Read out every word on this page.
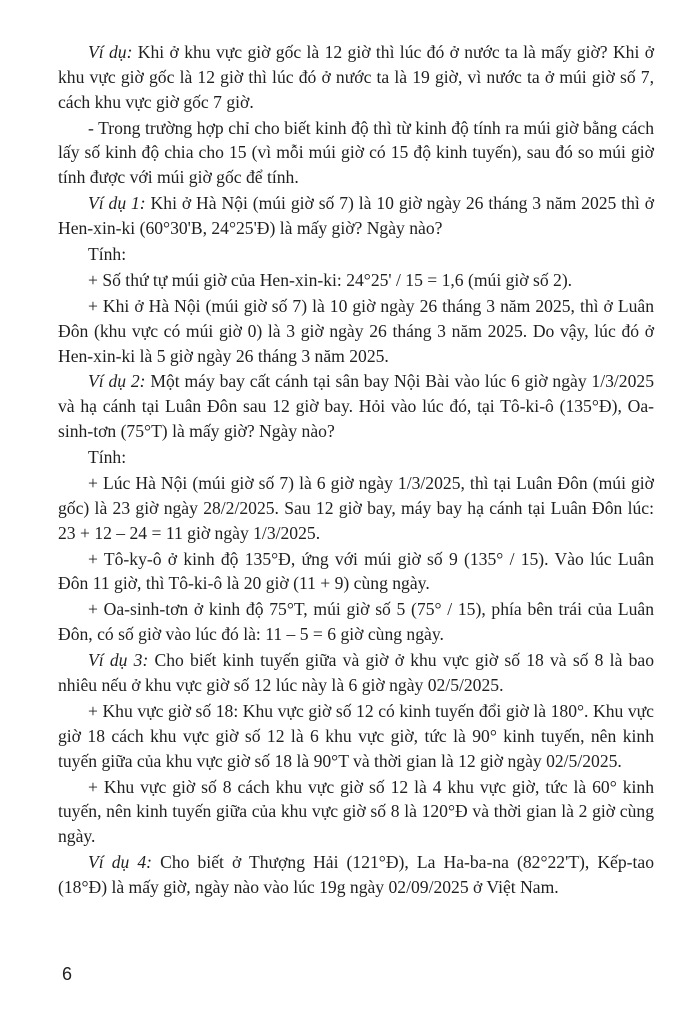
Ví dụ: Khi ở khu vực giờ gốc là 12 giờ thì lúc đó ở nước ta là mấy giờ? Khi ở khu vực giờ gốc là 12 giờ thì lúc đó ở nước ta là 19 giờ, vì nước ta ở múi giờ số 7, cách khu vực giờ gốc 7 giờ.

- Trong trường hợp chỉ cho biết kinh độ thì từ kinh độ tính ra múi giờ bằng cách lấy số kinh độ chia cho 15 (vì mỗi múi giờ có 15 độ kinh tuyến), sau đó so múi giờ tính được với múi giờ gốc để tính.

Ví dụ 1: Khi ở Hà Nội (múi giờ số 7) là 10 giờ ngày 26 tháng 3 năm 2025 thì ở Hen-xin-ki (60°30'B, 24°25'Đ) là mấy giờ? Ngày nào?

Tính:

+ Số thứ tự múi giờ của Hen-xin-ki: 24°25' / 15 = 1,6 (múi giờ số 2).

+ Khi ở Hà Nội (múi giờ số 7) là 10 giờ ngày 26 tháng 3 năm 2025, thì ở Luân Đôn (khu vực có múi giờ 0) là 3 giờ ngày 26 tháng 3 năm 2025. Do vậy, lúc đó ở Hen-xin-ki là 5 giờ ngày 26 tháng 3 năm 2025.

Ví dụ 2: Một máy bay cất cánh tại sân bay Nội Bài vào lúc 6 giờ ngày 1/3/2025 và hạ cánh tại Luân Đôn sau 12 giờ bay. Hỏi vào lúc đó, tại Tô-ki-ô (135°Đ), Oa-sinh-tơn (75°T) là mấy giờ? Ngày nào?

Tính:

+ Lúc Hà Nội (múi giờ số 7) là 6 giờ ngày 1/3/2025, thì tại Luân Đôn (múi giờ gốc) là 23 giờ ngày 28/2/2025. Sau 12 giờ bay, máy bay hạ cánh tại Luân Đôn lúc: 23 + 12 – 24 = 11 giờ ngày 1/3/2025.

+ Tô-ky-ô ở kinh độ 135°Đ, ứng với múi giờ số 9 (135° / 15). Vào lúc Luân Đôn 11 giờ, thì Tô-ki-ô là 20 giờ (11 + 9) cùng ngày.

+ Oa-sinh-tơn ở kinh độ 75°T, múi giờ số 5 (75° / 15), phía bên trái của Luân Đôn, có số giờ vào lúc đó là: 11 – 5 = 6 giờ cùng ngày.

Ví dụ 3: Cho biết kinh tuyến giữa và giờ ở khu vực giờ số 18 và số 8 là bao nhiêu nếu ở khu vực giờ số 12 lúc này là 6 giờ ngày 02/5/2025.

+ Khu vực giờ số 18: Khu vực giờ số 12 có kinh tuyến đổi giờ là 180°. Khu vực giờ 18 cách khu vực giờ số 12 là 6 khu vực giờ, tức là 90° kinh tuyến, nên kinh tuyến giữa của khu vực giờ số 18 là 90°T và thời gian là 12 giờ ngày 02/5/2025.

+ Khu vực giờ số 8 cách khu vực giờ số 12 là 4 khu vực giờ, tức là 60° kinh tuyến, nên kinh tuyến giữa của khu vực giờ số 8 là 120°Đ và thời gian là 2 giờ cùng ngày.

Ví dụ 4: Cho biết ở Thượng Hải (121°Đ), La Ha-ba-na (82°22'T), Kếp-tao (18°Đ) là mấy giờ, ngày nào vào lúc 19g ngày 02/09/2025 ở Việt Nam.

6
